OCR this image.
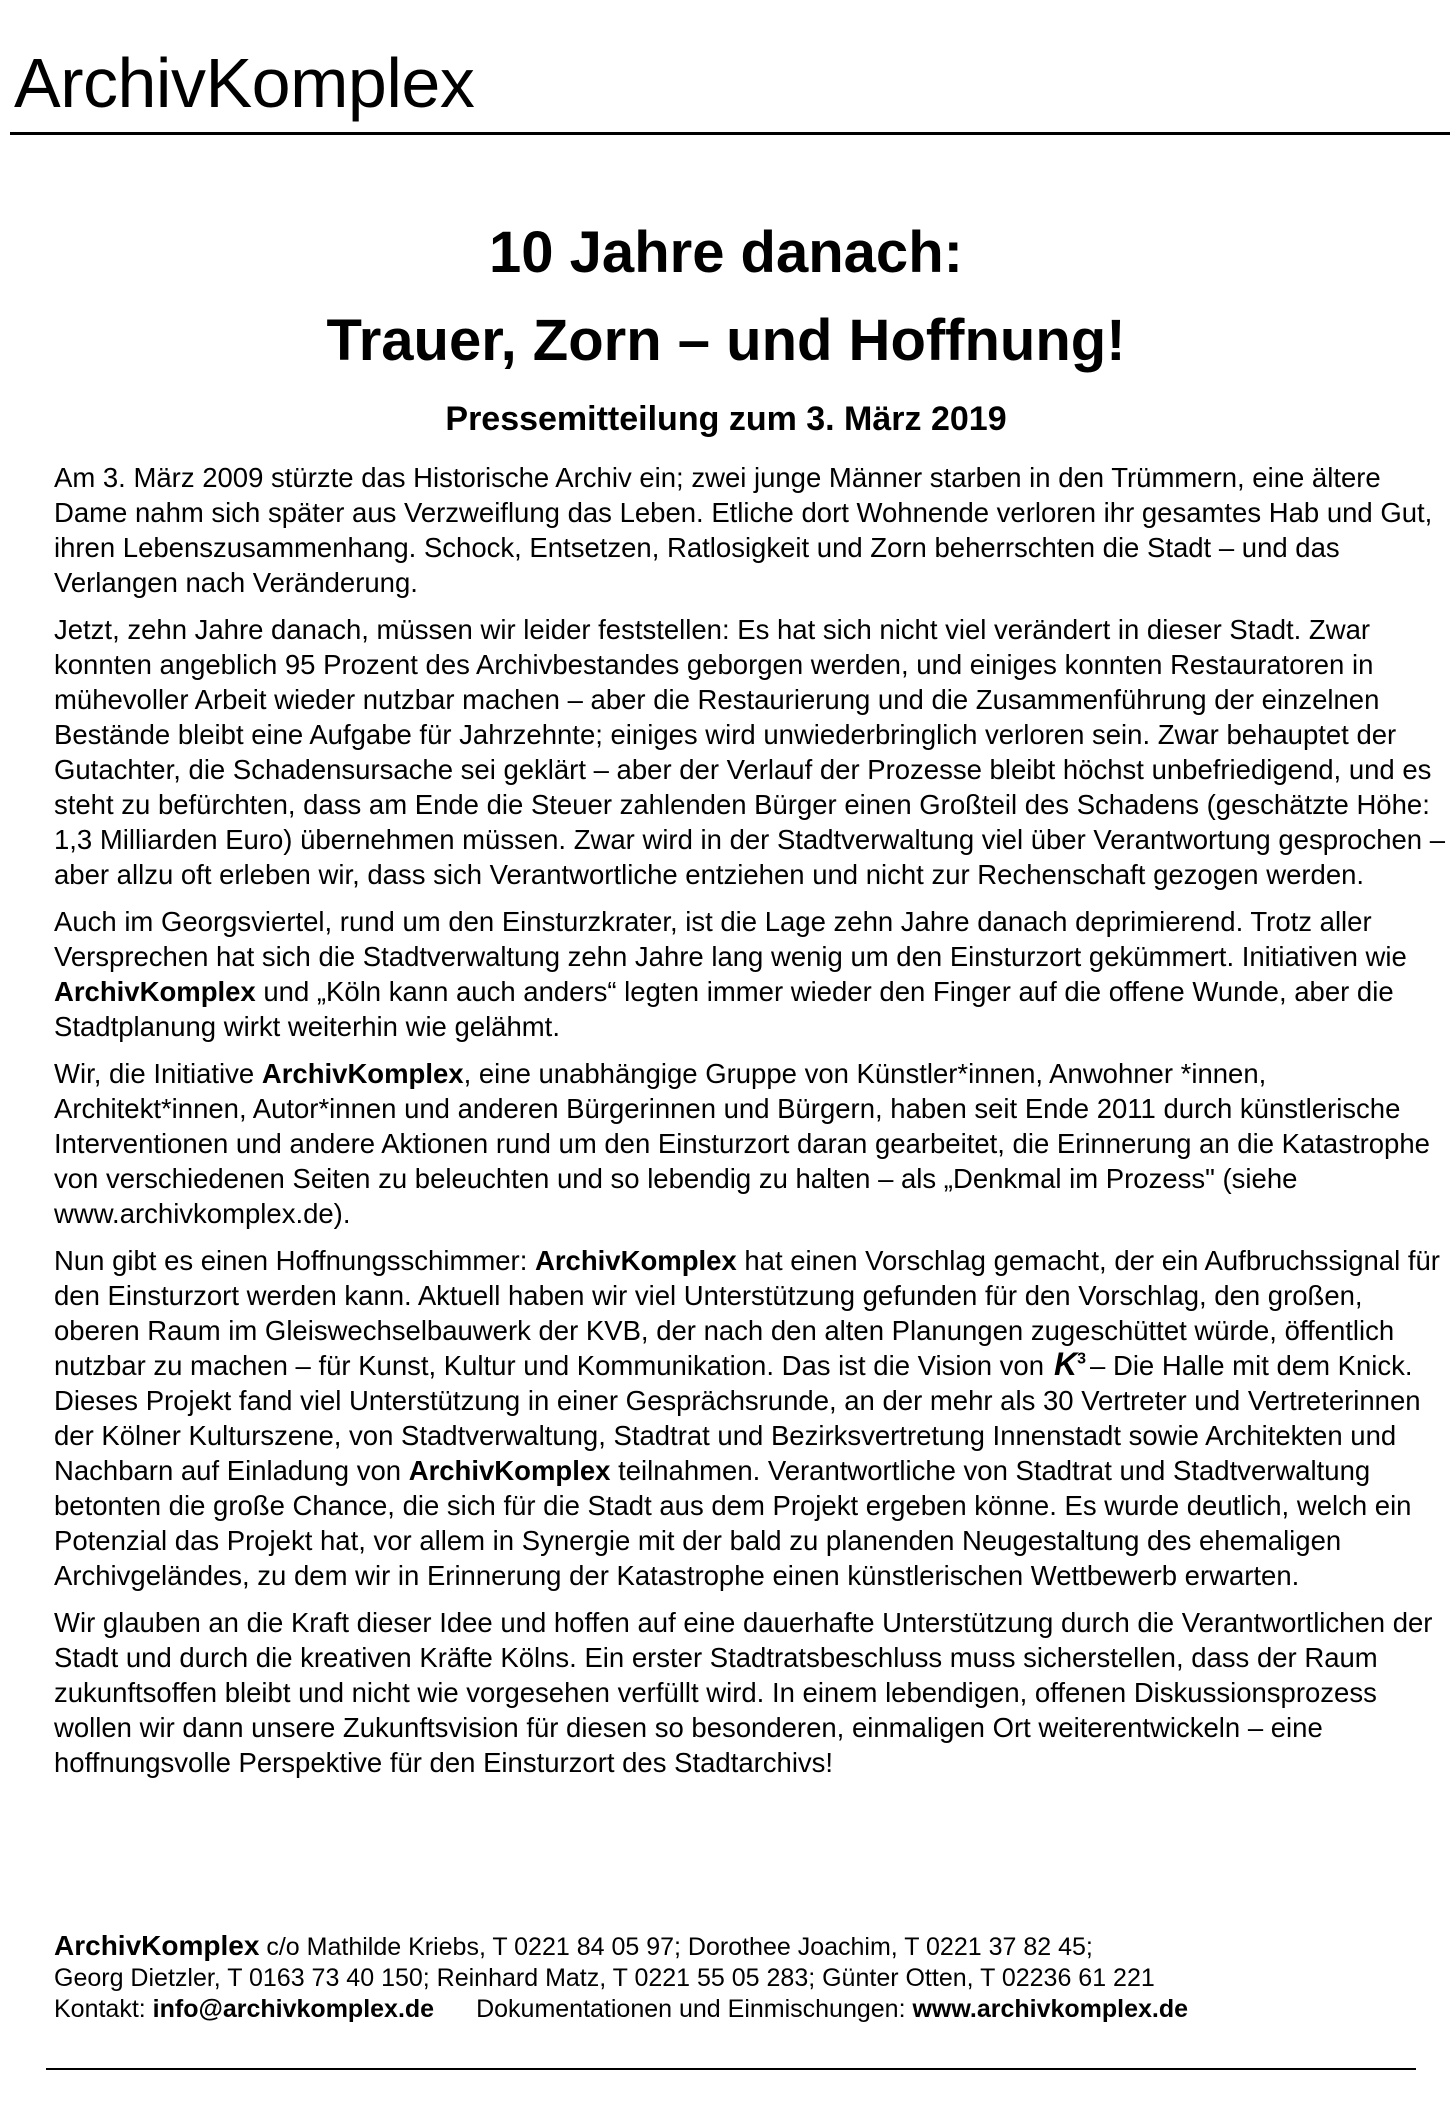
ArchivKomplex
10 Jahre danach:
Trauer, Zorn – und Hoffnung!
Pressemitteilung zum 3. März 2019

Am 3. März 2009 stürzte das Historische Archiv ein; zwei junge Männer starben in den Trümmern, eine ältere Dame nahm sich später aus Verzweiflung das Leben. Etliche dort Wohnende verloren ihr gesamtes Hab und Gut, ihren Lebenszusammenhang. Schock, Entsetzen, Ratlosigkeit und Zorn beherrschten die Stadt – und das Verlangen nach Veränderung.

Jetzt, zehn Jahre danach, müssen wir leider feststellen: Es hat sich nicht viel verändert in dieser Stadt. Zwar konnten angeblich 95 Prozent des Archivbestandes geborgen werden, und einiges konnten Restauratoren in mühevoller Arbeit wieder nutzbar machen – aber die Restaurierung und die Zusammenführung der einzelnen Bestände bleibt eine Aufgabe für Jahrzehnte; einiges wird unwiederbringlich verloren sein. Zwar behauptet der Gutachter, die Schadensursache sei geklärt – aber der Verlauf der Prozesse bleibt höchst unbefriedigend, und es steht zu befürchten, dass am Ende die Steuer zahlenden Bürger einen Großteil des Schadens (geschätzte Höhe: 1,3 Milliarden Euro) übernehmen müssen. Zwar wird in der Stadtverwaltung viel über Verantwortung gesprochen – aber allzu oft erleben wir, dass sich Verantwortliche entziehen und nicht zur Rechenschaft gezogen werden.

Auch im Georgsviertel, rund um den Einsturzkrater, ist die Lage zehn Jahre danach deprimierend. Trotz aller Versprechen hat sich die Stadtverwaltung zehn Jahre lang wenig um den Einsturzort gekümmert. Initiativen wie ArchivKomplex und „Köln kann auch anders“ legten immer wieder den Finger auf die offene Wunde, aber die Stadtplanung wirkt weiterhin wie gelähmt.

Wir, die Initiative ArchivKomplex, eine unabhängige Gruppe von Künstler*innen, Anwohner *innen, Architekt*innen, Autor*innen und anderen Bürgerinnen und Bürgern, haben seit Ende 2011 durch künstlerische Interventionen und andere Aktionen rund um den Einsturzort daran gearbeitet, die Erinnerung an die Katastrophe von verschiedenen Seiten zu beleuchten und so lebendig zu halten – als „Denkmal im Prozess" (siehe www.archivkomplex.de).

Nun gibt es einen Hoffnungsschimmer: ArchivKomplex hat einen Vorschlag gemacht, der ein Aufbruchssignal für den Einsturzort werden kann. Aktuell haben wir viel Unterstützung gefunden für den Vorschlag, den großen, oberen Raum im Gleiswechselbauwerk der KVB, der nach den alten Planungen zugeschüttet würde, öffentlich nutzbar zu machen – für Kunst, Kultur und Kommunikation. Das ist die Vision von $K^3$ – Die Halle mit dem Knick. Dieses Projekt fand viel Unterstützung in einer Gesprächsrunde, an der mehr als 30 Vertreter und Vertreterinnen der Kölner Kulturszene, von Stadtverwaltung, Stadtrat und Bezirksvertretung Innenstadt sowie Architekten und Nachbarn auf Einladung von ArchivKomplex teilnahmen. Verantwortliche von Stadtrat und Stadtverwaltung betonten die große Chance, die sich für die Stadt aus dem Projekt ergeben könne. Es wurde deutlich, welch ein Potenzial das Projekt hat, vor allem in Synergie mit der bald zu planenden Neugestaltung des ehemaligen Archivgeländes, zu dem wir in Erinnerung der Katastrophe einen künstlerischen Wettbewerb erwarten.

Wir glauben an die Kraft dieser Idee und hoffen auf eine dauerhafte Unterstützung durch die Verantwortlichen der Stadt und durch die kreativen Kräfte Kölns. Ein erster Stadtratsbeschluss muss sicherstellen, dass der Raum zukunftsoffen bleibt und nicht wie vorgesehen verfüllt wird. In einem lebendigen, offenen Diskussionsprozess wollen wir dann unsere Zukunftsvision für diesen so besonderen, einmaligen Ort weiterentwickeln – eine hoffnungsvolle Perspektive für den Einsturzort des Stadtarchivs!

ArchivKomplex c/o Mathilde Kriebs, T 0221 84 05 97; Dorothee Joachim, T 0221 37 82 45;
Georg Dietzler, T 0163 73 40 150; Reinhard Matz, T 0221 55 05 283; Günter Otten, T 02236 61 221
Kontakt: info@archivkomplex.de Dokumentationen und Einmischungen: www.archivkomplex.de
